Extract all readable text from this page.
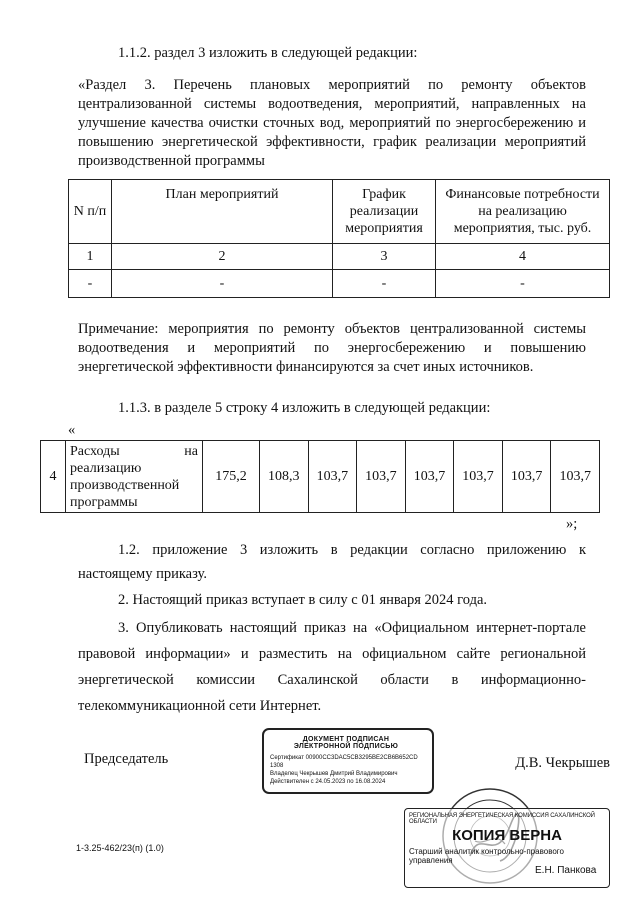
1.1.2. раздел 3 изложить в следующей редакции:
«Раздел 3. Перечень плановых мероприятий по ремонту объектов централизованной системы водоотведения, мероприятий, направленных на улучшение качества очистки сточных вод, мероприятий по энергосбережению и повышению энергетической эффективности, график реализации мероприятий производственной программы
N п/п	План мероприятий	График реализации мероприятия	Финансовые потребности на реализацию мероприятия, тыс. руб.
1	2	3	4
-	-	-	-
Примечание: мероприятия по ремонту объектов централизованной системы водоотведения и мероприятий по энергосбережению и повышению энергетической эффективности финансируются за счет иных источников.
1.1.3. в разделе 5 строку 4 изложить в следующей редакции:
«
4	Расходы на реализацию производственной программы	175,2	108,3	103,7	103,7	103,7	103,7	103,7	103,7
»;
1.2. приложение 3 изложить в редакции согласно приложению к настоящему приказу.
2. Настоящий приказ вступает в силу с 01 января 2024 года.
3. Опубликовать настоящий приказ на «Официальном интернет-портале правовой информации» и разместить на официальном сайте региональной энергетической комиссии Сахалинской области в информационно-телекоммуникационной сети Интернет.
Председатель
ДОКУМЕНТ ПОДПИСАН
ЭЛЕКТРОННОЙ ПОДПИСЬЮ
Сертификат 00900CC3DAC5CB3295BE2CB6B652CD 1308
Владелец Чекрышев Дмитрий Владимирович
Действителен с 24.05.2023 по 16.08.2024
Д.В. Чекрышев
1-3.25-462/23(п) (1.0)
РЕГИОНАЛЬНАЯ ЭНЕРГЕТИЧЕСКАЯ КОМИССИЯ САХАЛИНСКОЙ ОБЛАСТИ
КОПИЯ ВЕРНА
Старший аналитик контрольно-правового управления
Е.Н. Панкова
